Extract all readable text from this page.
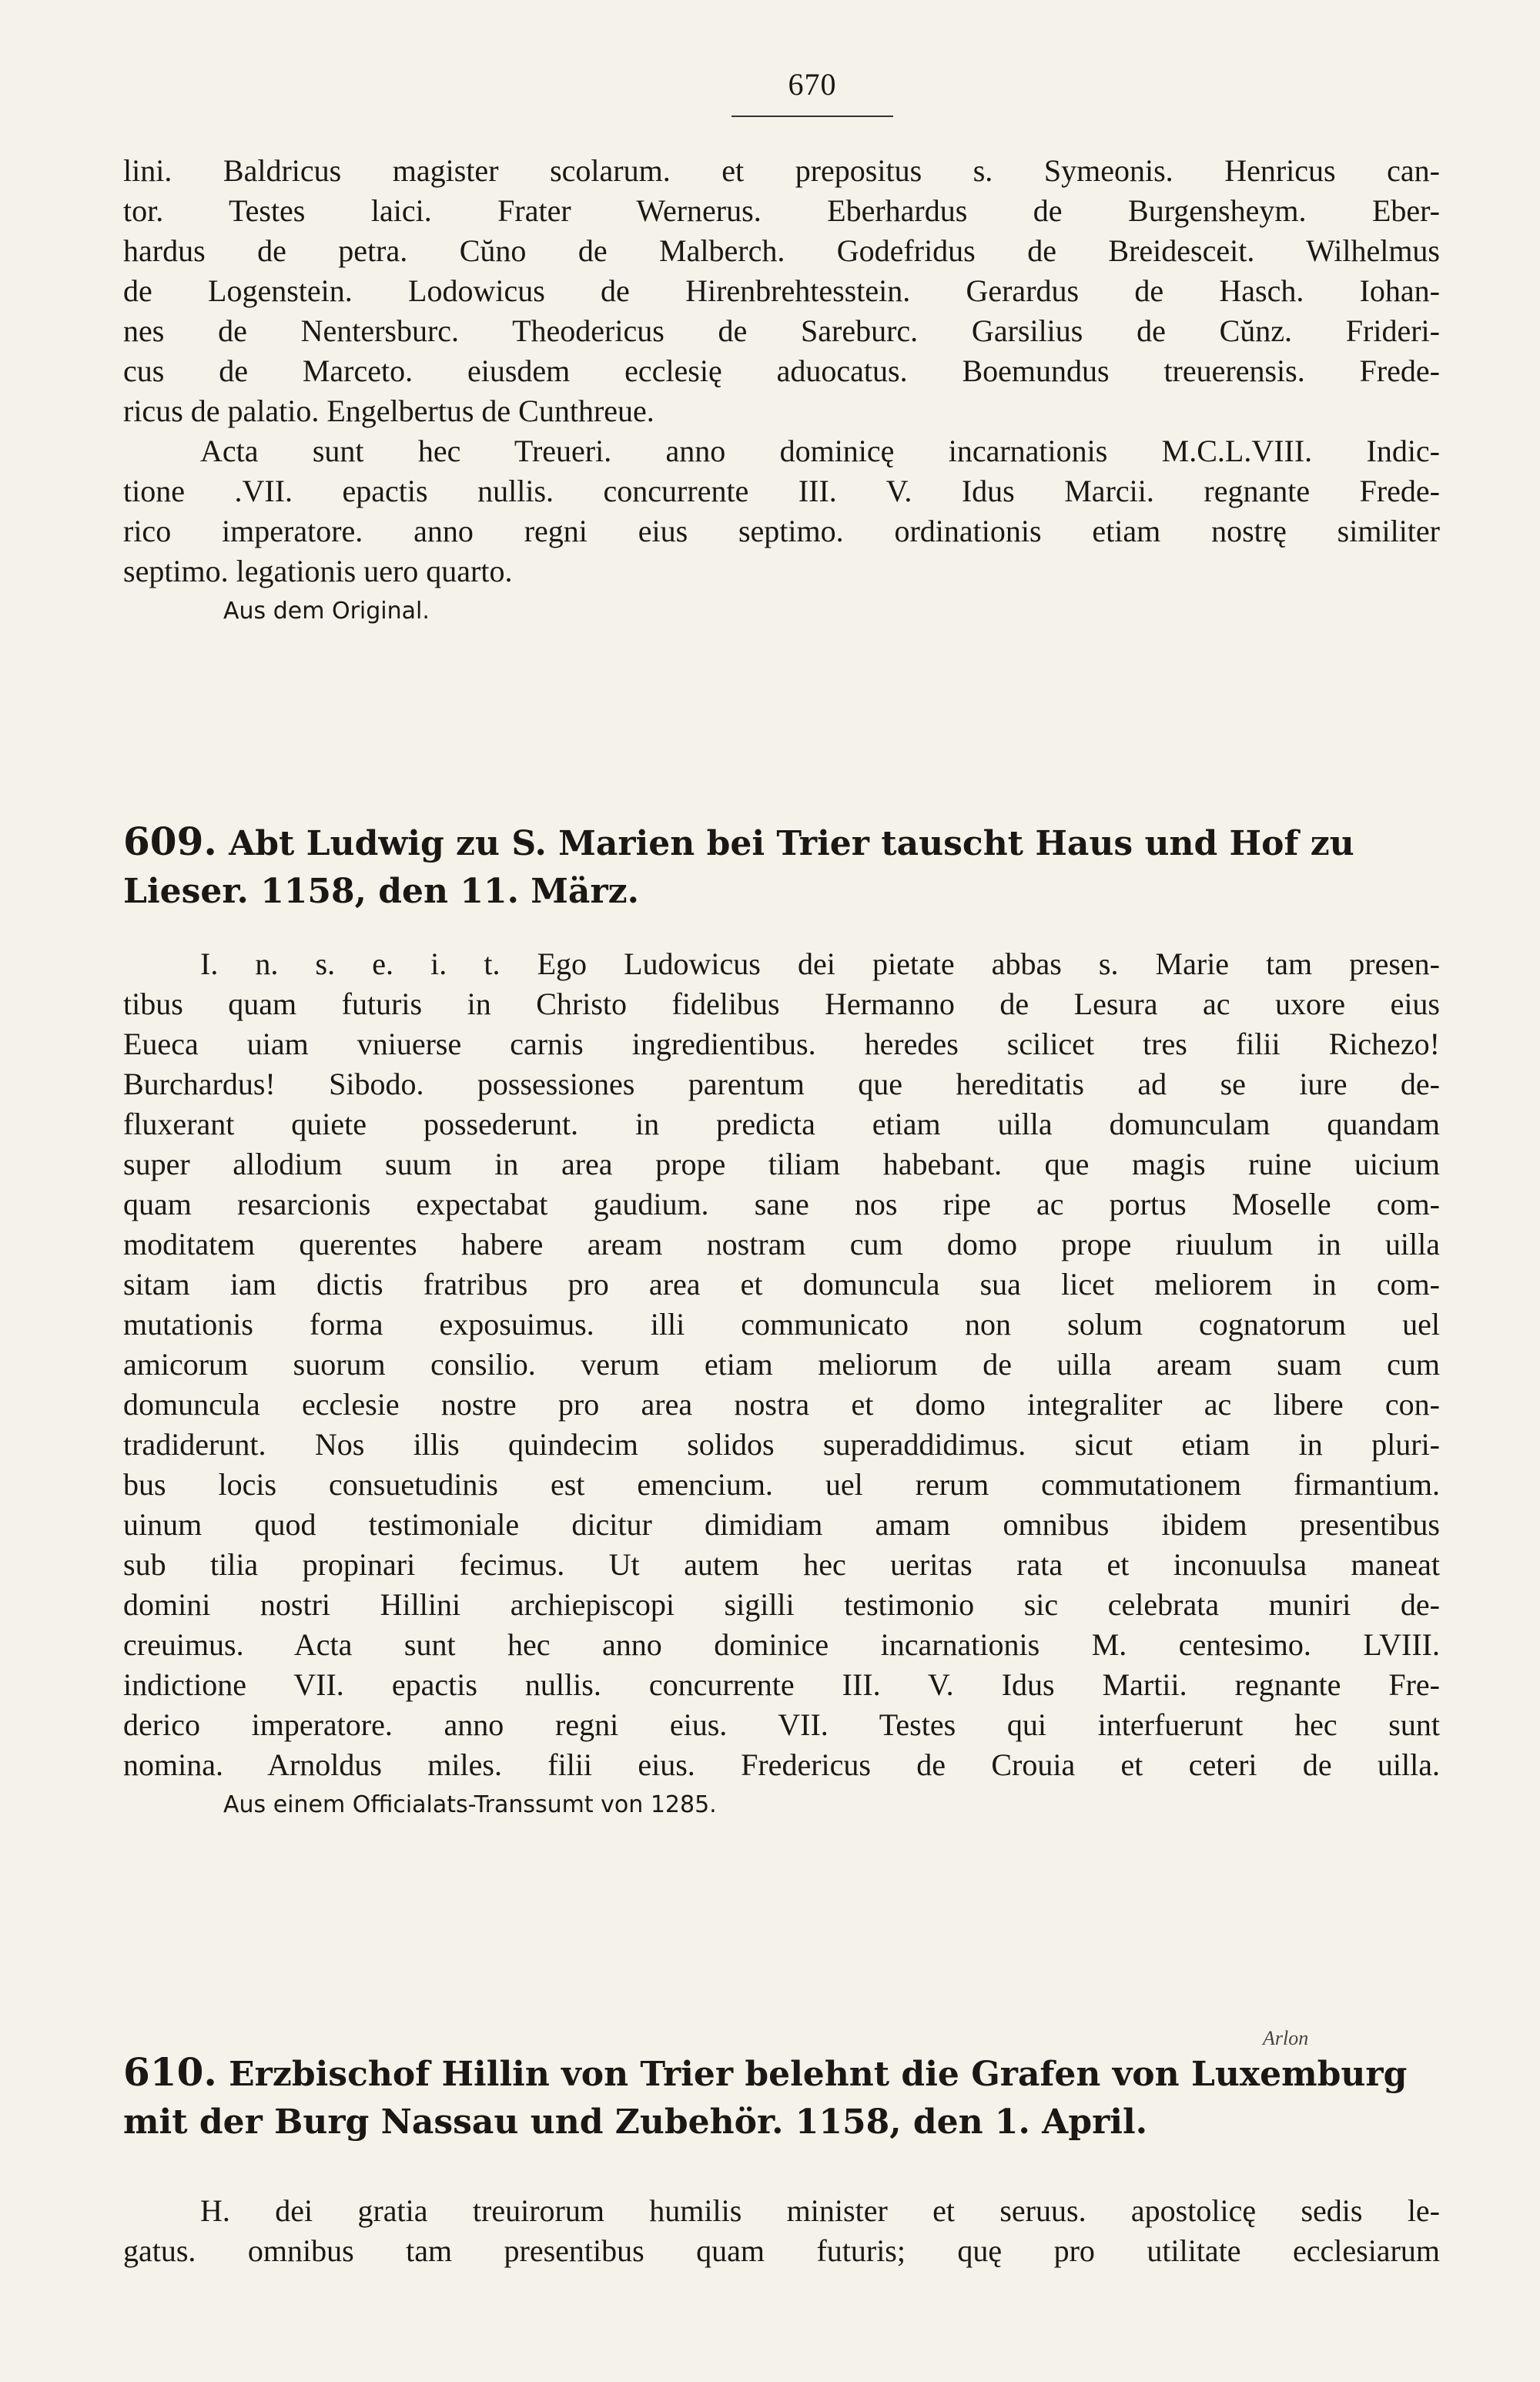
670
lini. Baldricus magister scolarum. et prepositus s. Symeonis. Henricus can-
tor. Testes laici. Frater Wernerus. Eberhardus de Burgensheym. Eber-
hardus de petra. Cŭno de Malberch. Godefridus de Breidesceit. Wilhelmus
de Logenstein. Lodowicus de Hirenbrehtesstein. Gerardus de Hasch. Iohan-
nes de Nentersburc. Theodericus de Sareburc. Garsilius de Cŭnz. Frideri-
cus de Marceto. eiusdem ecclesię aduocatus. Boemundus treuerensis. Frede-
ricus de palatio. Engelbertus de Cunthreue.
Acta sunt hec Treueri. anno dominicę incarnationis M.C.L.VIII. Indic-
tione .VII. epactis nullis. concurrente III. V. Idus Marcii. regnante Frede-
rico imperatore. anno regni eius septimo. ordinationis etiam nostrę similiter
septimo. legationis uero quarto.
Aus dem Original.
609. Abt Ludwig zu S. Marien bei Trier tauscht Haus und Hof zu
Lieser. 1158, den 11. März.
I. n. s. e. i. t. Ego Ludowicus dei pietate abbas s. Marie tam presen-
tibus quam futuris in Christo fidelibus Hermanno de Lesura ac uxore eius
Eueca uiam vniuerse carnis ingredientibus. heredes scilicet tres filii Richezo!
Burchardus! Sibodo. possessiones parentum que hereditatis ad se iure de-
fluxerant quiete possederunt. in predicta etiam uilla domunculam quandam
super allodium suum in area prope tiliam habebant. que magis ruine uicium
quam resarcionis expectabat gaudium. sane nos ripe ac portus Moselle com-
moditatem querentes habere aream nostram cum domo prope riuulum in uilla
sitam iam dictis fratribus pro area et domuncula sua licet meliorem in com-
mutationis forma exposuimus. illi communicato non solum cognatorum uel
amicorum suorum consilio. verum etiam meliorum de uilla aream suam cum
domuncula ecclesie nostre pro area nostra et domo integraliter ac libere con-
tradiderunt. Nos illis quindecim solidos superaddidimus. sicut etiam in pluri-
bus locis consuetudinis est emencium. uel rerum commutationem firmantium.
uinum quod testimoniale dicitur dimidiam amam omnibus ibidem presentibus
sub tilia propinari fecimus. Ut autem hec ueritas rata et inconuulsa maneat
domini nostri Hillini archiepiscopi sigilli testimonio sic celebrata muniri de-
creuimus. Acta sunt hec anno dominice incarnationis M. centesimo. LVIII.
indictione VII. epactis nullis. concurrente III. V. Idus Martii. regnante Fre-
derico imperatore. anno regni eius. VII. Testes qui interfuerunt hec sunt
nomina. Arnoldus miles. filii eius. Fredericus de Crouia et ceteri de uilla.
Aus einem Officialats-Transsumt von 1285.
Arlon
610. Erzbischof Hillin von Trier belehnt die Grafen von Luxemburg
mit der Burg Nassau und Zubehör. 1158, den 1. April.
H. dei gratia treuirorum humilis minister et seruus. apostolicę sedis le-
gatus. omnibus tam presentibus quam futuris; quę pro utilitate ecclesiarum
